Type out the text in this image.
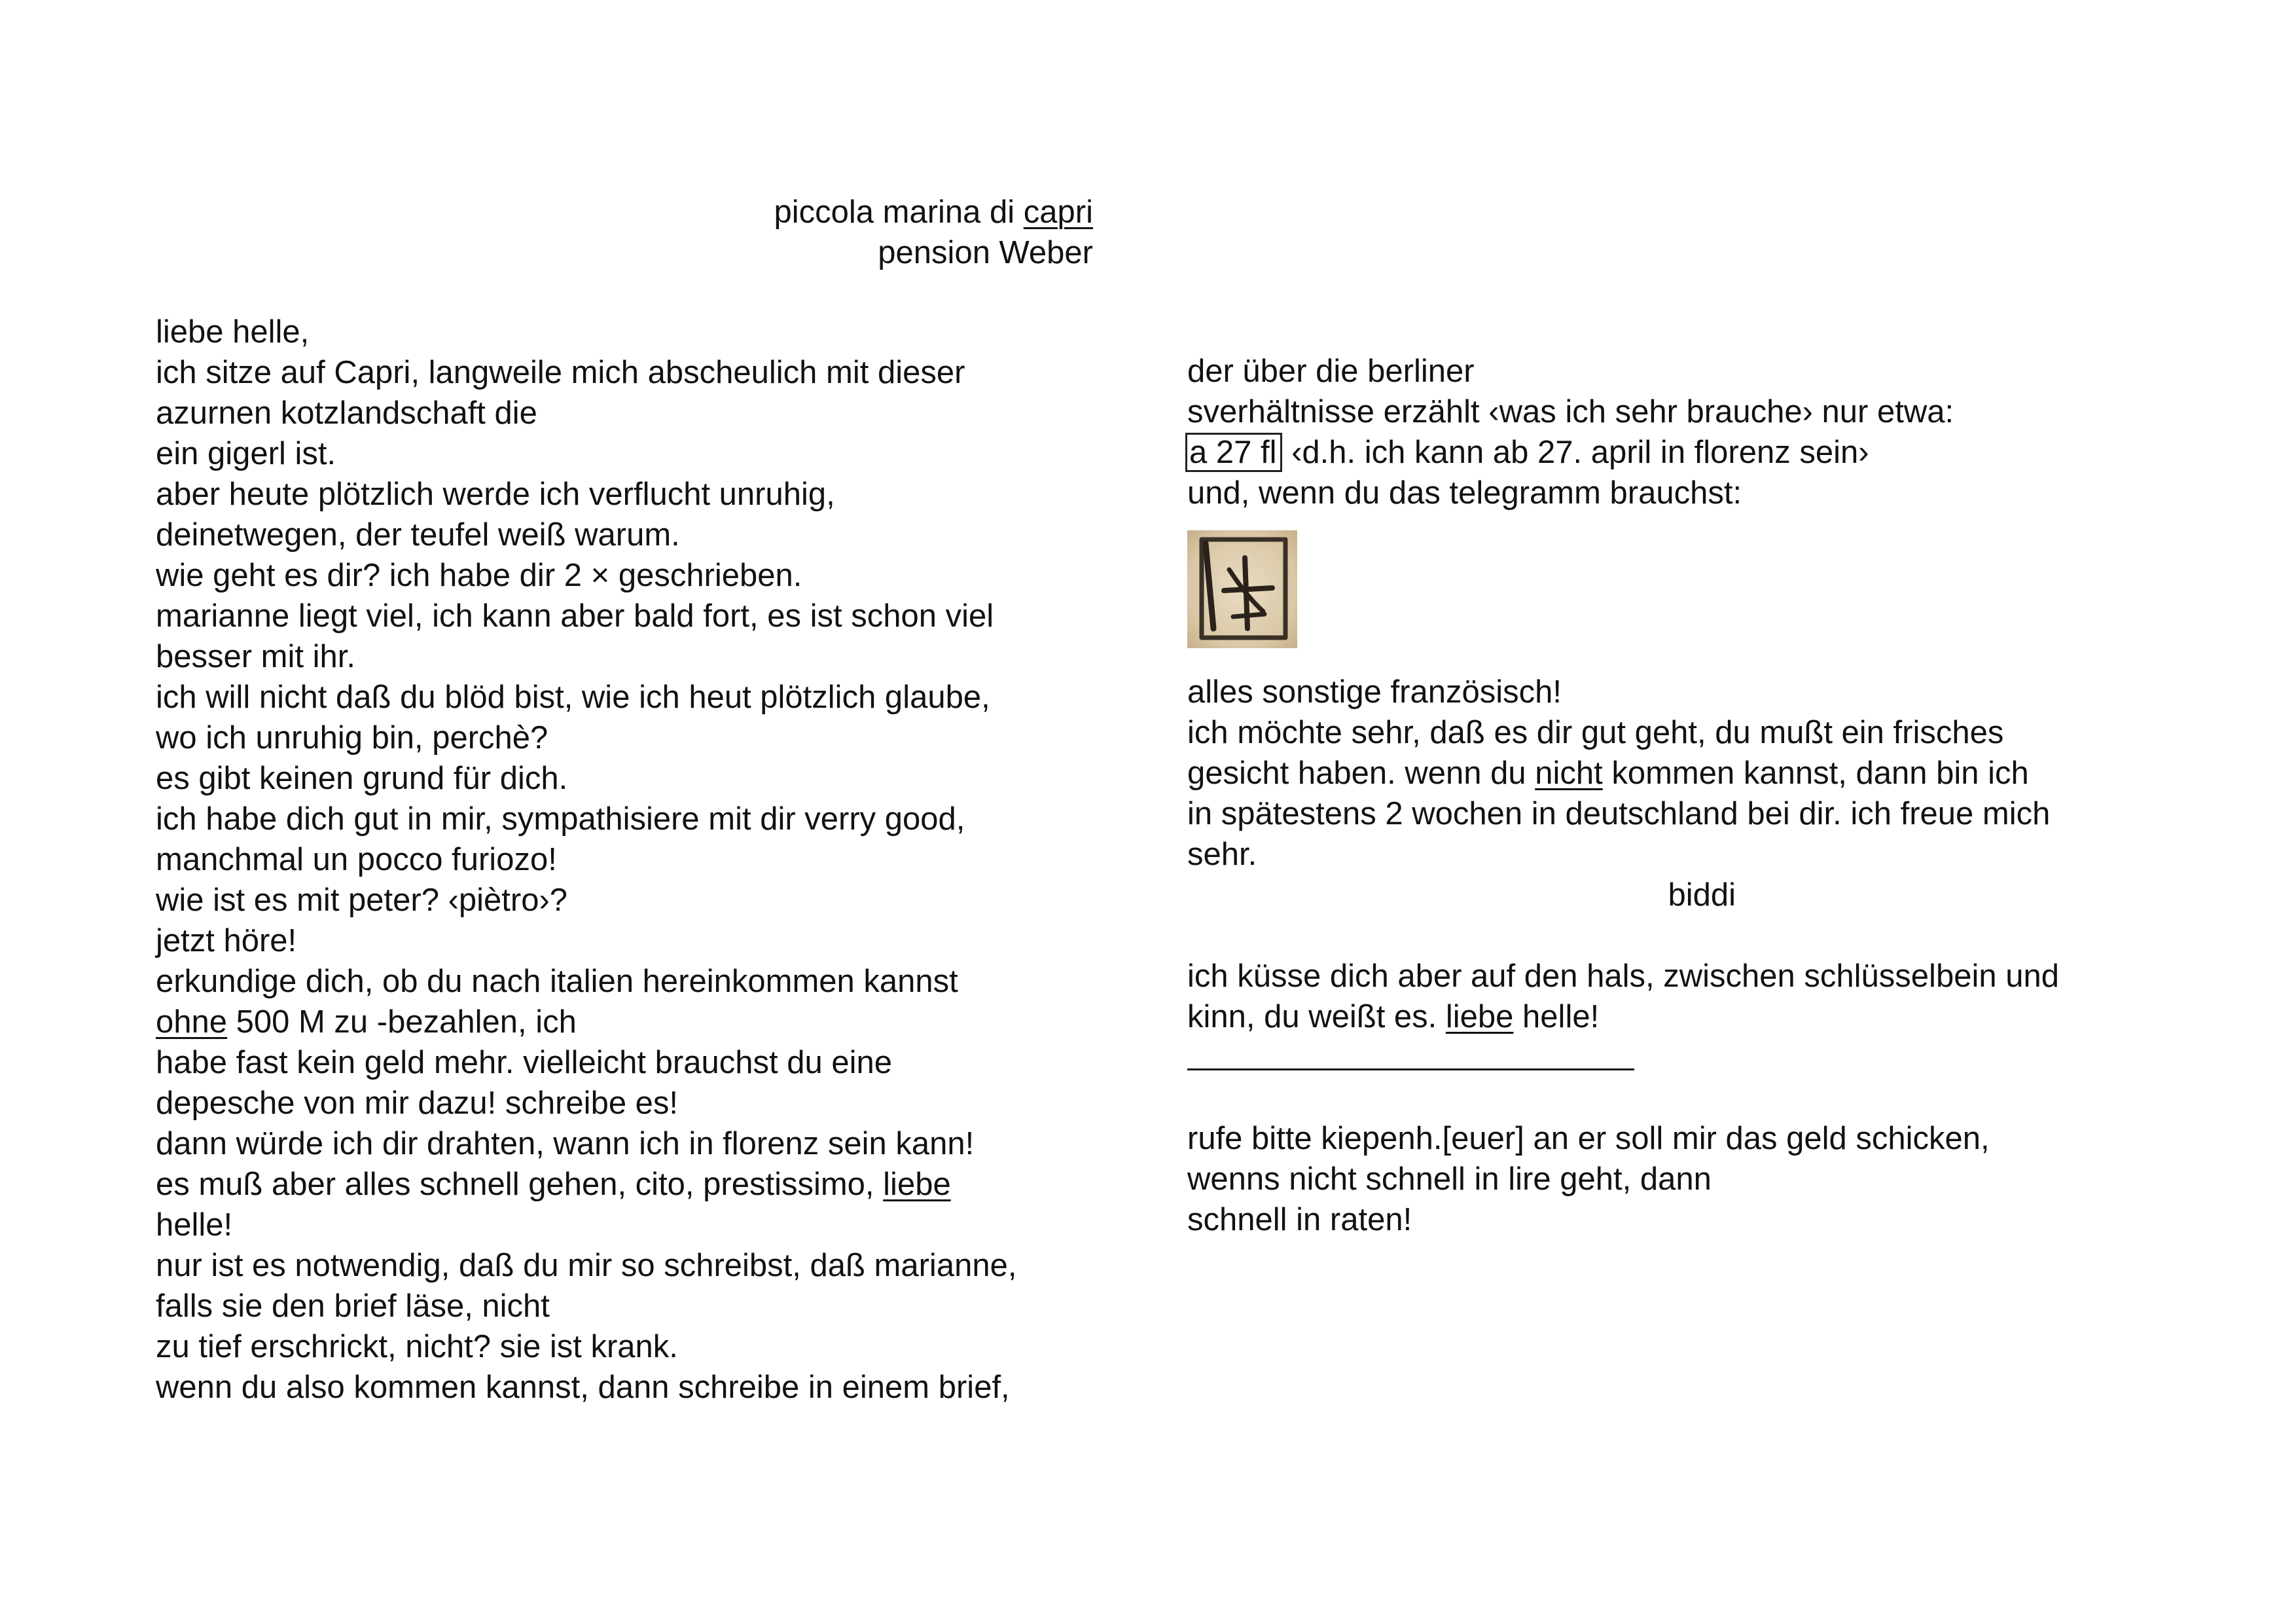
piccola marina di capri
pension Weber
liebe helle,
ich sitze auf Capri, langweile mich abscheulich mit dieser
azurnen kotzlandschaft die
ein gigerl ist.
aber heute plötzlich werde ich verflucht unruhig,
deinetwegen, der teufel weiß warum.
wie geht es dir? ich habe dir 2 × geschrieben.
marianne liegt viel, ich kann aber bald fort, es ist schon viel
besser mit ihr.
ich will nicht daß du blöd bist, wie ich heut plötzlich glaube,
wo ich unruhig bin, perchè?
es gibt keinen grund für dich.
ich habe dich gut in mir, sympathisiere mit dir verry good,
manchmal un pocco furiozo!
wie ist es mit peter? ‹piètro›?
jetzt höre!
erkundige dich, ob du nach italien hereinkommen kannst
ohne 500 M zu -bezahlen, ich
habe fast kein geld mehr. vielleicht brauchst du eine
depesche von mir dazu! schreibe es!
dann würde ich dir drahten, wann ich in florenz sein kann!
es muß aber alles schnell gehen, cito, prestissimo, liebe
helle!
nur ist es notwendig, daß du mir so schreibst, daß marianne,
falls sie den brief läse, nicht
zu tief erschrickt, nicht? sie ist krank.
wenn du also kommen kannst, dann schreibe in einem brief,
der über die berliner
sverhältnisse erzählt ‹was ich sehr brauche› nur etwa:
a 27 fl ‹d.h. ich kann ab 27. april in florenz sein›
und, wenn du das telegramm brauchst:
alles sonstige französisch!
ich möchte sehr, daß es dir gut geht, du mußt ein frisches
gesicht haben. wenn du nicht kommen kannst, dann bin ich
in spätestens 2 wochen in deutschland bei dir. ich freue mich
sehr.
biddi
ich küsse dich aber auf den hals, zwischen schlüsselbein und
kinn, du weißt es. liebe helle!
rufe bitte kiepenh.[euer] an er soll mir das geld schicken,
wenns nicht schnell in lire geht, dann
schnell in raten!
